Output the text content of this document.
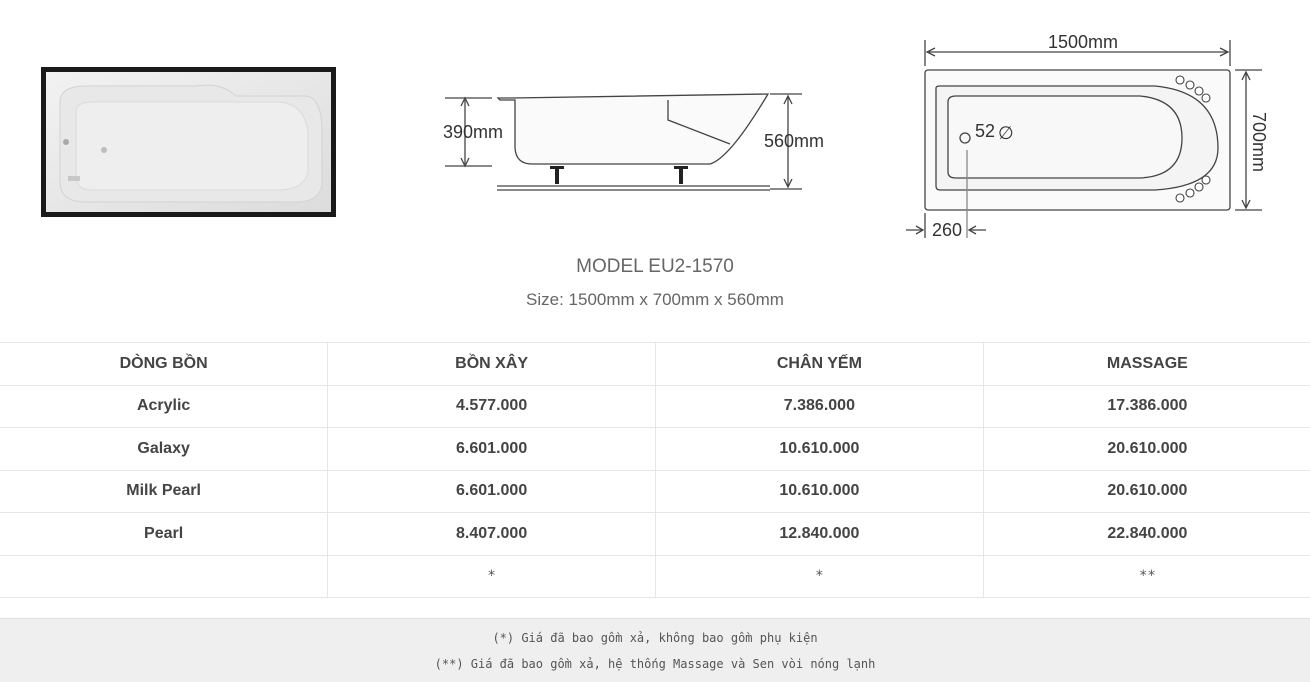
390mm	560mm
1500mm
52 ∅
260
700mm
MODEL EU2-1570
Size: 1500mm x 700mm x 560mm
DÒNG BỒN	BỒN XÂY	CHÂN YẾM	MASSAGE
Acrylic	4.577.000	7.386.000	17.386.000
Galaxy	6.601.000	10.610.000	20.610.000
Milk Pearl	6.601.000	10.610.000	20.610.000
Pearl	8.407.000	12.840.000	22.840.000
	*	*	**

(*) Giá đã bao gồm xả, không bao gồm phụ kiện

(**) Giá đã bao gồm xả, hệ thống Massage và Sen vòi nóng lạnh
